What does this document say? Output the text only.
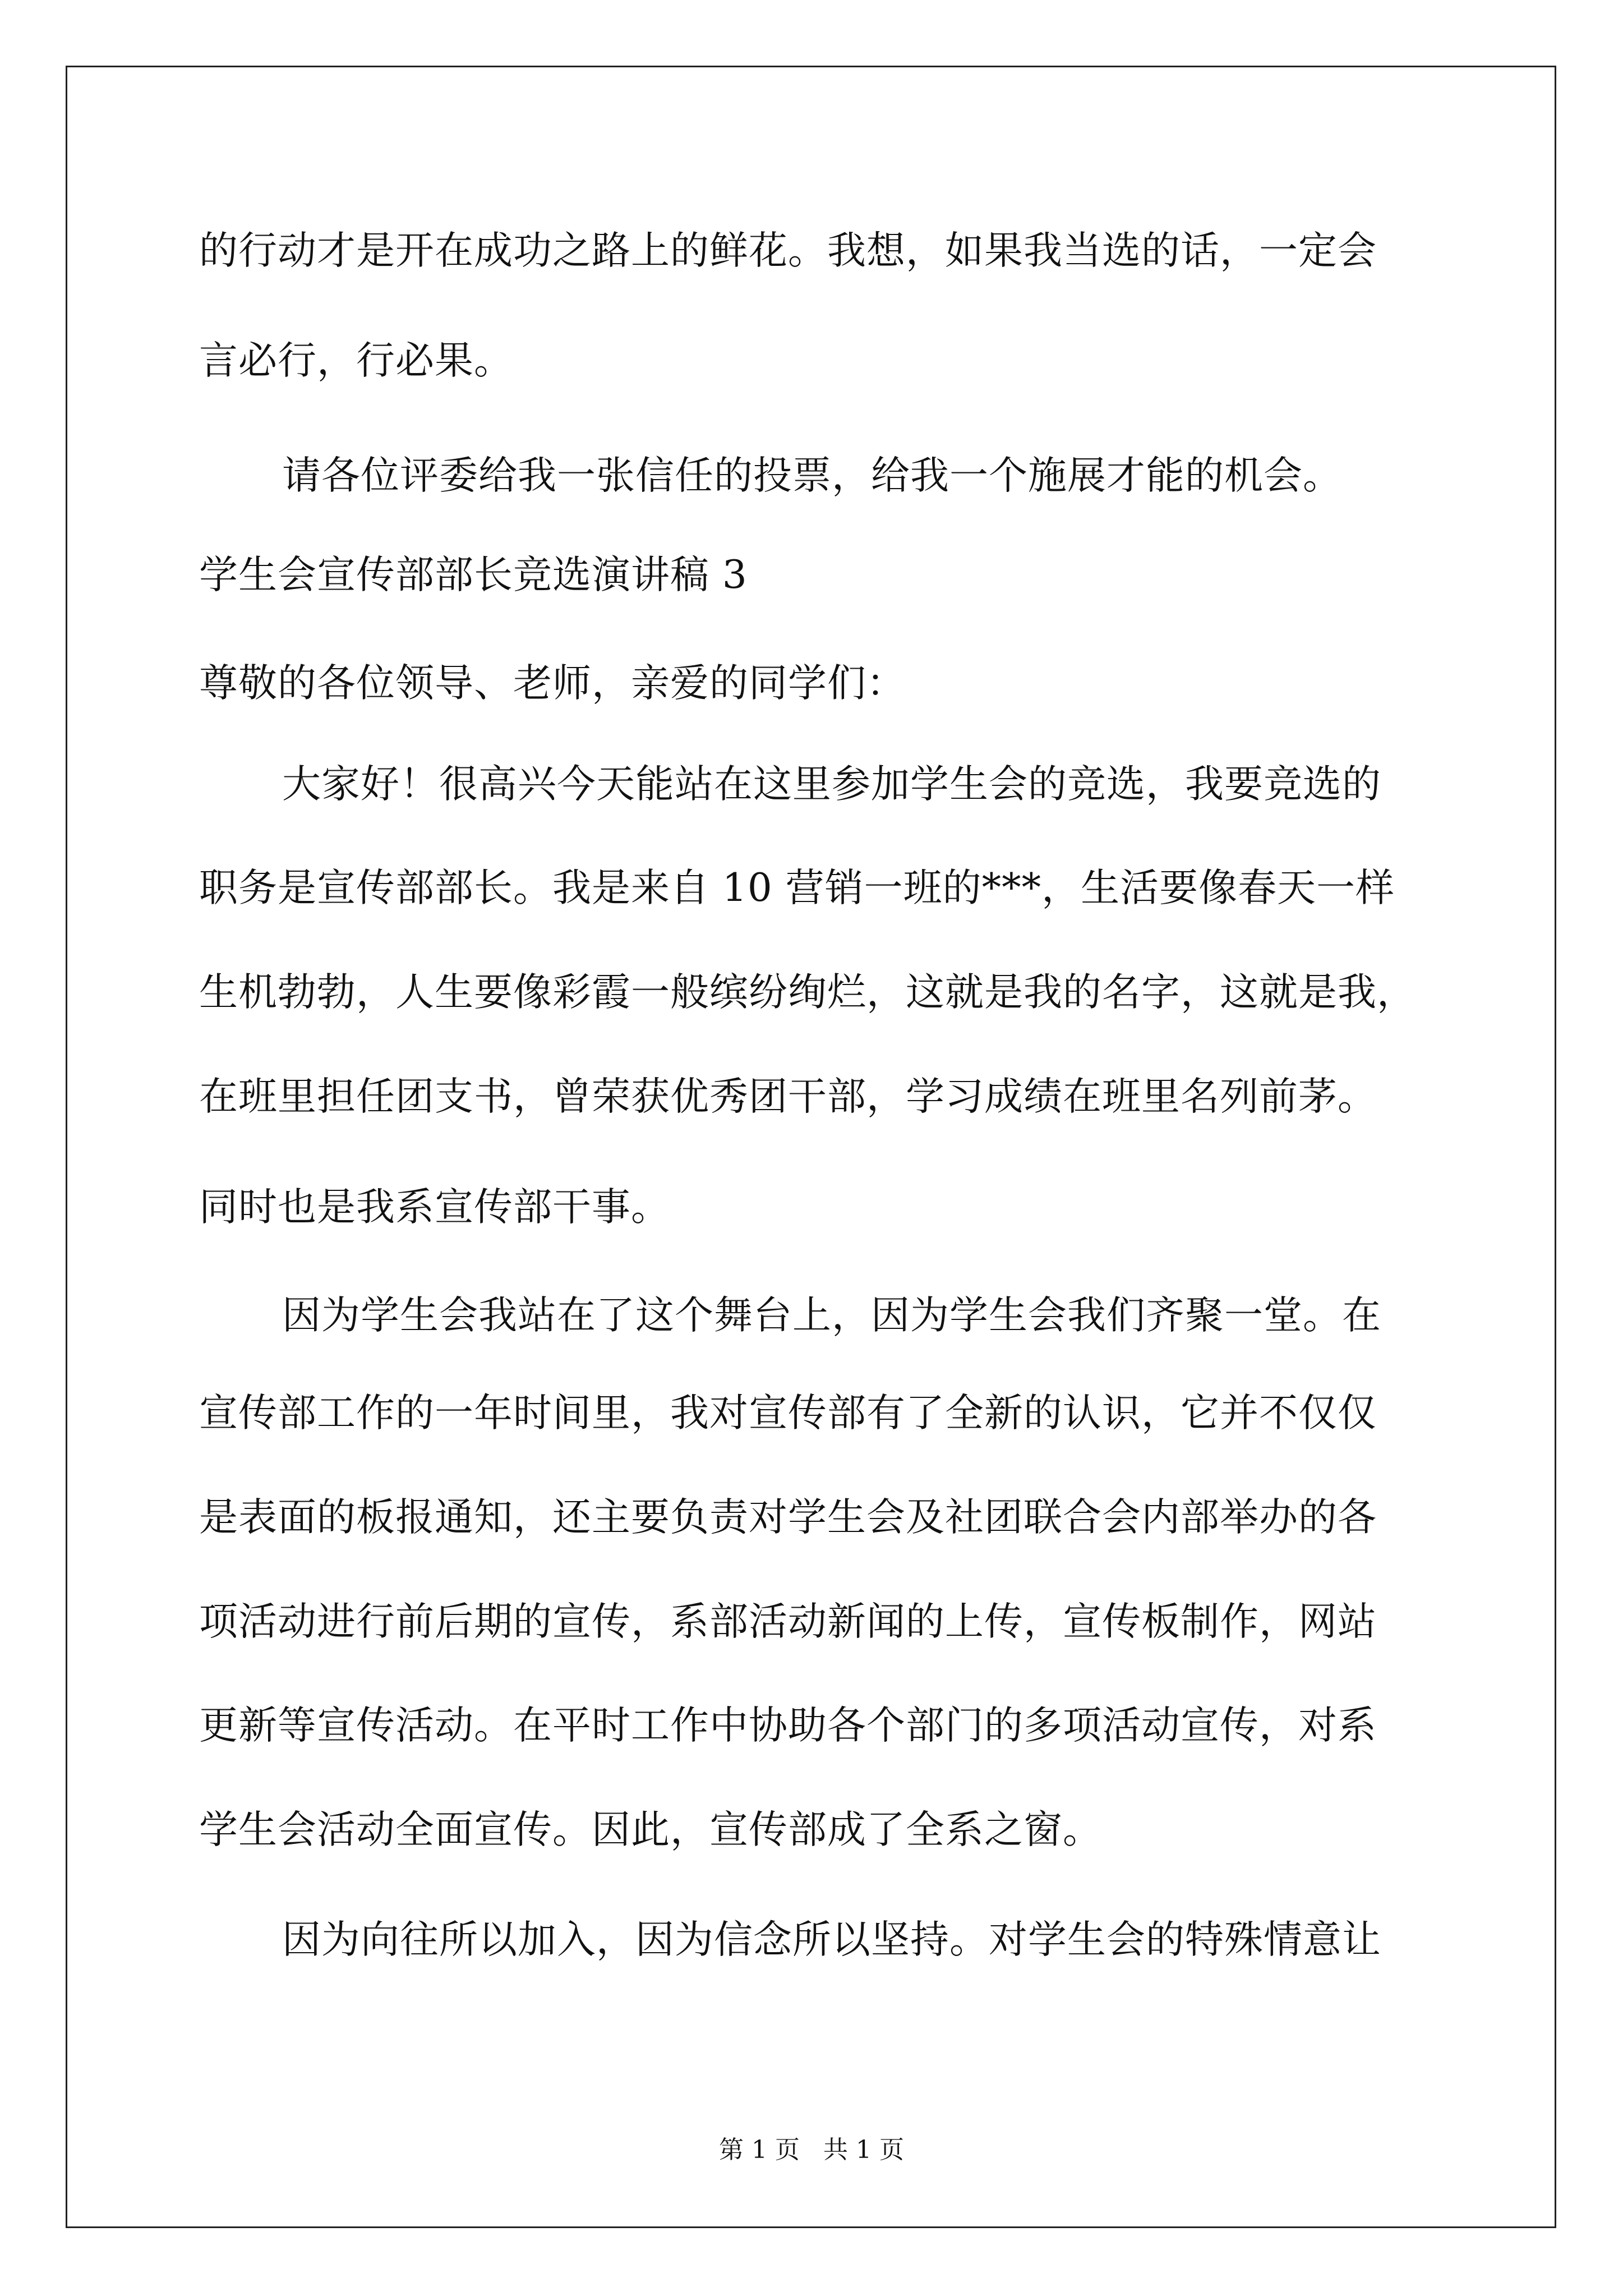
的行动才是开在成功之路上的鲜花。我想，如果我当选的话，一定会
言必行，行必果。
请各位评委给我一张信任的投票，给我一个施展才能的机会。
学生会宣传部部长竞选演讲稿 3
尊敬的各位领导、老师，亲爱的同学们：
大家好！很高兴今天能站在这里参加学生会的竞选，我要竞选的
职务是宣传部部长。我是来自 10 营销一班的***，生活要像春天一样
生机勃勃，人生要像彩霞一般缤纷绚烂，这就是我的名字，这就是我，
在班里担任团支书，曾荣获优秀团干部，学习成绩在班里名列前茅。
同时也是我系宣传部干事。
因为学生会我站在了这个舞台上，因为学生会我们齐聚一堂。在
宣传部工作的一年时间里，我对宣传部有了全新的认识，它并不仅仅
是表面的板报通知，还主要负责对学生会及社团联合会内部举办的各
项活动进行前后期的宣传，系部活动新闻的上传，宣传板制作，网站
更新等宣传活动。在平时工作中协助各个部门的多项活动宣传，对系
学生会活动全面宣传。因此，宣传部成了全系之窗。
因为向往所以加入，因为信念所以坚持。对学生会的特殊情意让
第 1 页   共 1 页
